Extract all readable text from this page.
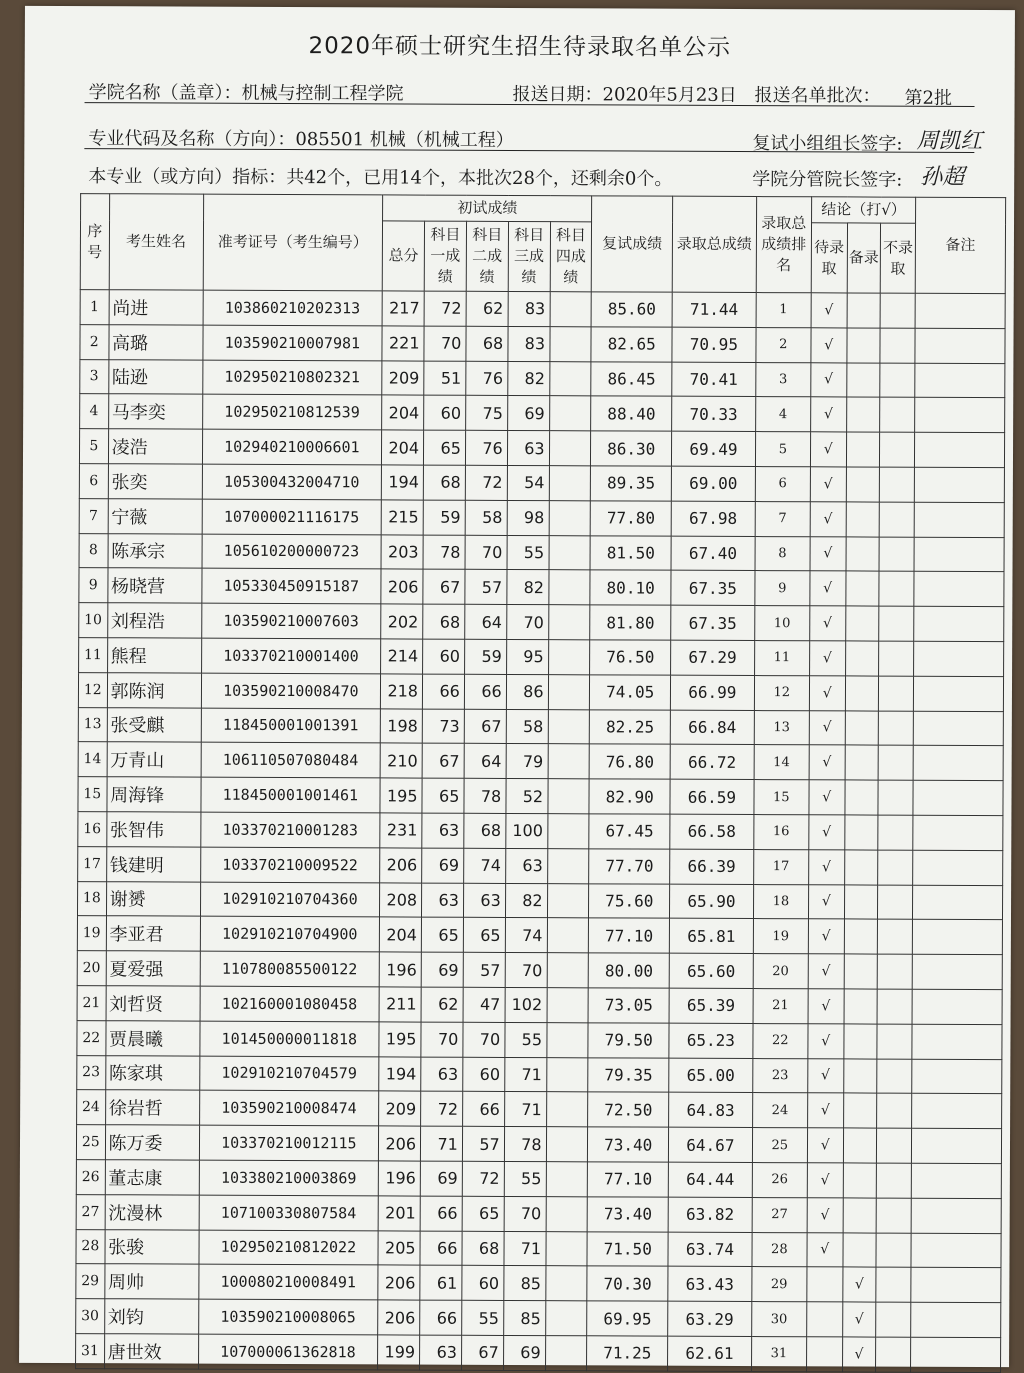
2020年硕士研究生招生待录取名单公示
学院名称（盖章）：机械与控制工程学院	报送日期：2020年5月23日 报送名单批次： 第2批
专业代码及名称（方向）：085501 机械（机械工程）	复试小组组长签字: 周凯红
本专业（或方向）指标：共42个，已用14个，本批次28个，还剩余0个。	学院分管院长签字: 孙超
序号	考生姓名	准考证号（考生编号）	初试成绩					复试成绩	录取总成绩	录取总成绩排名	结论（打√）			备注
			总分	科目一成绩	科目二成绩	科目三成绩	科目四成绩				待录取	备录	不录取	
1	尚进	103860210202313	217	72	62	83		85.60	71.44	1	√			
2	高璐	103590210007981	221	70	68	83		82.65	70.95	2	√			
3	陆逊	102950210802321	209	51	76	82		86.45	70.41	3	√			
4	马李奕	102950210812539	204	60	75	69		88.40	70.33	4	√			
5	凌浩	102940210006601	204	65	76	63		86.30	69.49	5	√			
6	张奕	105300432004710	194	68	72	54		89.35	69.00	6	√			
7	宁薇	107000021116175	215	59	58	98		77.80	67.98	7	√			
8	陈承宗	105610200000723	203	78	70	55		81.50	67.40	8	√			
9	杨晓营	105330450915187	206	67	57	82		80.10	67.35	9	√			
10	刘程浩	103590210007603	202	68	64	70		81.80	67.35	10	√			
11	熊程	103370210001400	214	60	59	95		76.50	67.29	11	√			
12	郭陈润	103590210008470	218	66	66	86		74.05	66.99	12	√			
13	张受麒	118450001001391	198	73	67	58		82.25	66.84	13	√			
14	万青山	106110507080484	210	67	64	79		76.80	66.72	14	√			
15	周海锋	118450001001461	195	65	78	52		82.90	66.59	15	√			
16	张智伟	103370210001283	231	63	68	100		67.45	66.58	16	√			
17	钱建明	103370210009522	206	69	74	63		77.70	66.39	17	√			
18	谢赟	102910210704360	208	63	63	82		75.60	65.90	18	√			
19	李亚君	102910210704900	204	65	65	74		77.10	65.81	19	√			
20	夏爱强	110780085500122	196	69	57	70		80.00	65.60	20	√			
21	刘哲贤	102160001080458	211	62	47	102		73.05	65.39	21	√			
22	贾晨曦	101450000011818	195	70	70	55		79.50	65.23	22	√			
23	陈家琪	102910210704579	194	63	60	71		79.35	65.00	23	√			
24	徐岩哲	103590210008474	209	72	66	71		72.50	64.83	24	√			
25	陈万委	103370210012115	206	71	57	78		73.40	64.67	25	√			
26	董志康	103380210003869	196	69	72	55		77.10	64.44	26	√			
27	沈漫林	107100330807584	201	66	65	70		73.40	63.82	27	√			
28	张骏	102950210812022	205	66	68	71		71.50	63.74	28	√			
29	周帅	100080210008491	206	61	60	85		70.30	63.43	29		√		
30	刘钧	103590210008065	206	66	55	85		69.95	63.29	30		√		
31	唐世效	107000061362818	199	63	67	69		71.25	62.61	31		√		
